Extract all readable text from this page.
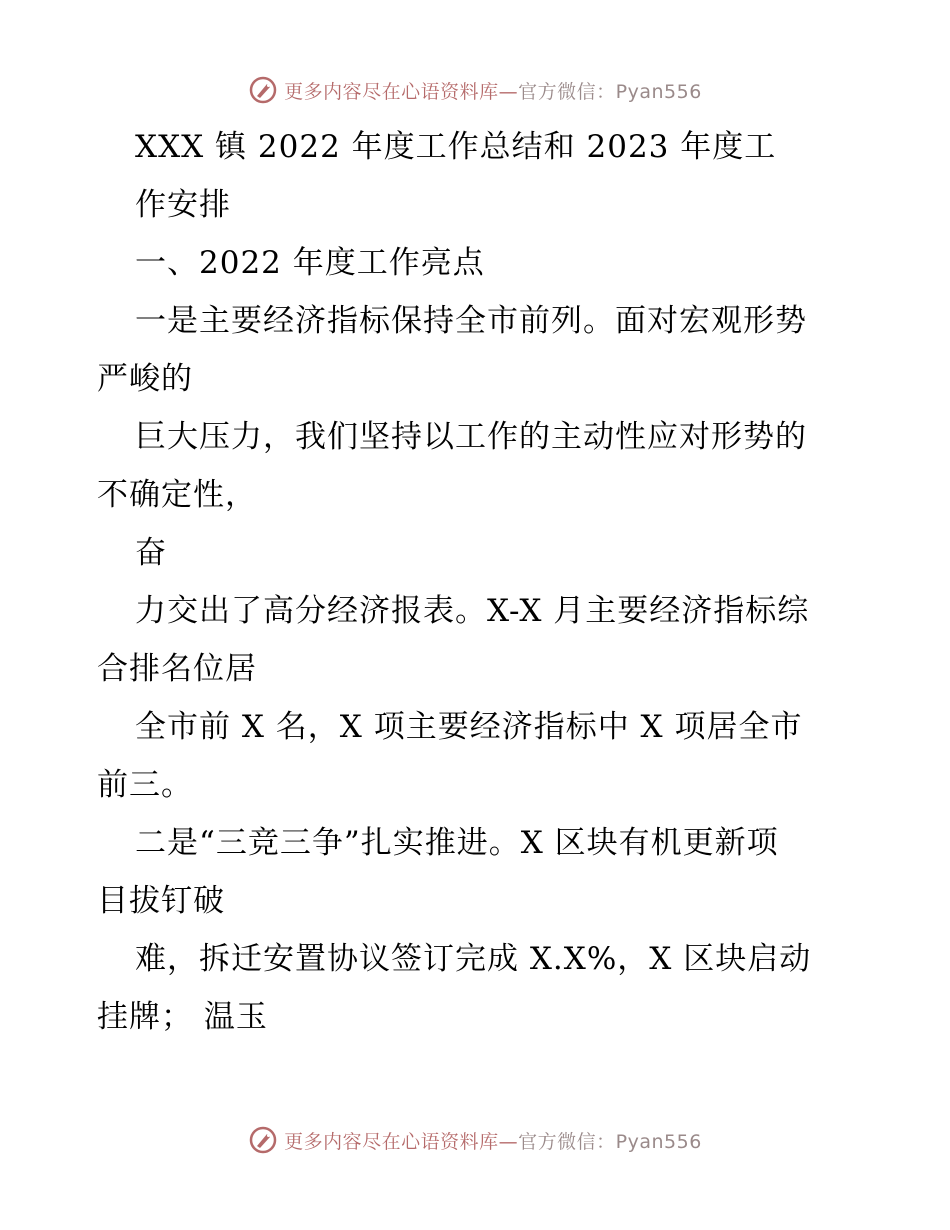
更多内容尽在心语资料库—官方微信：Pyan556
XXX 镇 2022 年度工作总结和 2023 年度工
作安排
一、2022 年度工作亮点
一是主要经济指标保持全市前列。面对宏观形势
严峻的
巨大压力，我们坚持以工作的主动性应对形势的
不确定性，
奋
力交出了高分经济报表。X-X 月主要经济指标综
合排名位居
全市前 X 名，X 项主要经济指标中 X 项居全市
前三。
二是“三竞三争”扎实推进。X 区块有机更新项
目拔钉破
难，拆迁安置协议签订完成 X.X%，X 区块启动
挂牌； 温玉
更多内容尽在心语资料库—官方微信：Pyan556
